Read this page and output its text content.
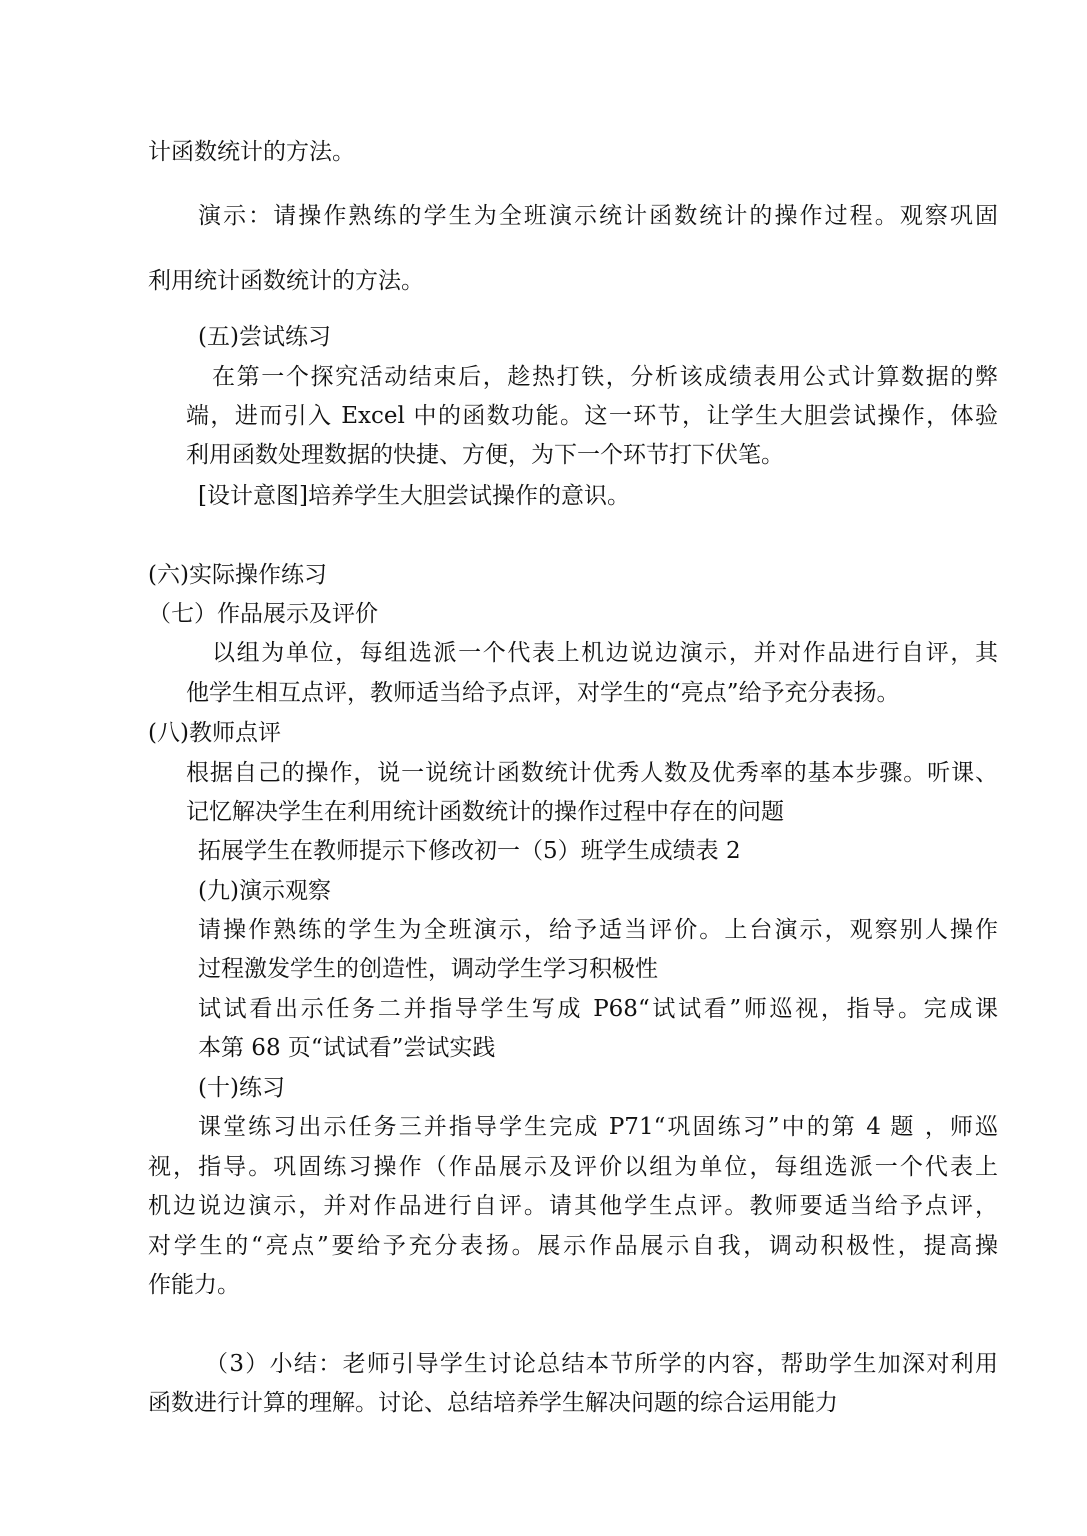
计函数统计的方法。
演示：请操作熟练的学生为全班演示统计函数统计的操作过程。观察巩固
利用统计函数统计的方法。
(五)尝试练习
在第一个探究活动结束后，趁热打铁，分析该成绩表用公式计算数据的弊
端，进而引入 Excel 中的函数功能。这一环节，让学生大胆尝试操作，体验
利用函数处理数据的快捷、方便，为下一个环节打下伏笔。
[设计意图]培养学生大胆尝试操作的意识。
(六)实际操作练习
（七）作品展示及评价
以组为单位，每组选派一个代表上机边说边演示，并对作品进行自评，其
他学生相互点评，教师适当给予点评，对学生的“亮点”给予充分表扬。
(八)教师点评
根据自己的操作，说一说统计函数统计优秀人数及优秀率的基本步骤。听课、
记忆解决学生在利用统计函数统计的操作过程中存在的问题
拓展学生在教师提示下修改初一（5）班学生成绩表 2
(九)演示观察
请操作熟练的学生为全班演示，给予适当评价。上台演示，观察别人操作
过程激发学生的创造性，调动学生学习积极性
试试看出示任务二并指导学生写成 P68“试试看”师巡视，指导。完成课
本第 68 页“试试看”尝试实践
(十)练习
课堂练习出示任务三并指导学生完成 P71“巩固练习”中的第 4 题 ，师巡
视，指导。巩固练习操作（作品展示及评价以组为单位，每组选派一个代表上
机边说边演示，并对作品进行自评。请其他学生点评。教师要适当给予点评，
对学生的“亮点”要给予充分表扬。展示作品展示自我，调动积极性，提高操
作能力。
（3）小结：老师引导学生讨论总结本节所学的内容，帮助学生加深对利用
函数进行计算的理解。讨论、总结培养学生解决问题的综合运用能力
